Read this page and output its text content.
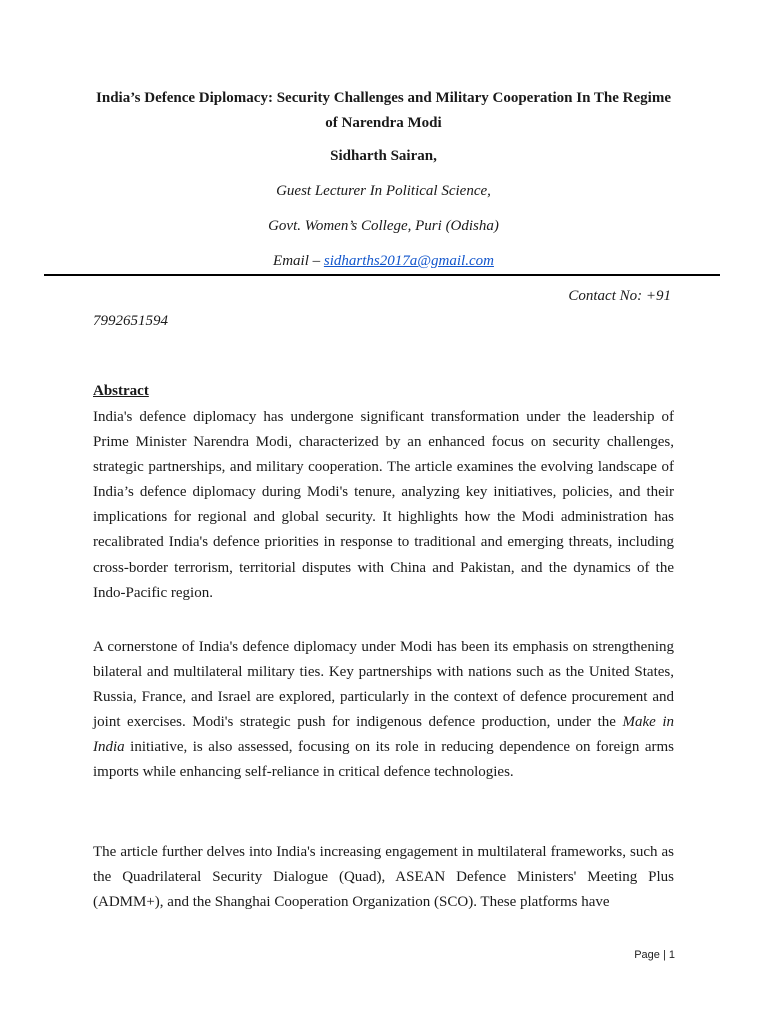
India’s Defence Diplomacy: Security Challenges and Military Cooperation In The Regime of Narendra Modi
Sidharth Sairan,
Guest Lecturer In Political Science,
Govt. Women’s College, Puri (Odisha)
Email – sidharths2017a@gmail.com
Contact No: +91
7992651594
Abstract
India's defence diplomacy has undergone significant transformation under the leadership of Prime Minister Narendra Modi, characterized by an enhanced focus on security challenges, strategic partnerships, and military cooperation. The article examines the evolving landscape of India’s defence diplomacy during Modi's tenure, analyzing key initiatives, policies, and their implications for regional and global security. It highlights how the Modi administration has recalibrated India's defence priorities in response to traditional and emerging threats, including cross-border terrorism, territorial disputes with China and Pakistan, and the dynamics of the Indo-Pacific region.
A cornerstone of India's defence diplomacy under Modi has been its emphasis on strengthening bilateral and multilateral military ties. Key partnerships with nations such as the United States, Russia, France, and Israel are explored, particularly in the context of defence procurement and joint exercises. Modi's strategic push for indigenous defence production, under the Make in India initiative, is also assessed, focusing on its role in reducing dependence on foreign arms imports while enhancing self-reliance in critical defence technologies.
The article further delves into India's increasing engagement in multilateral frameworks, such as the Quadrilateral Security Dialogue (Quad), ASEAN Defence Ministers' Meeting Plus (ADMM+), and the Shanghai Cooperation Organization (SCO). These platforms have
Page | 1
